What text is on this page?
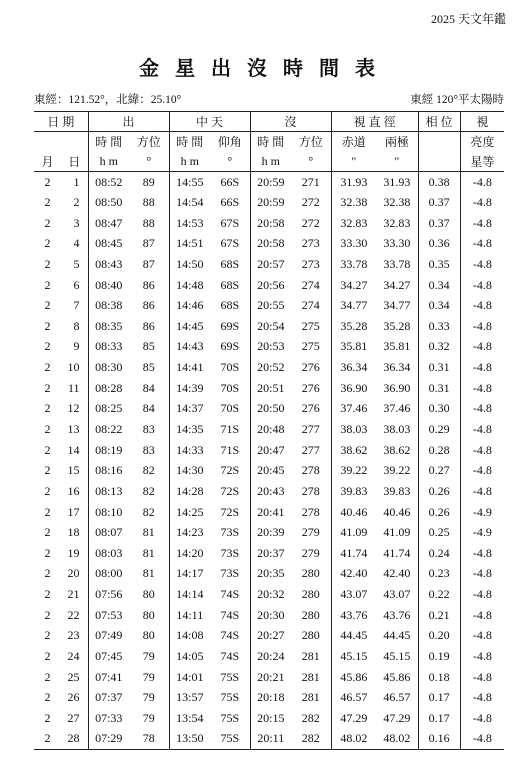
2025 天文年鑑
金星出沒時間表
東經：121.52°，北緯：25.10°	東經 120°平太陽時
日 期		出		中 天		沒		視 直 徑		相 位	視
		時 間	方位	時 間	仰角	時 間	方位	赤道	兩極		亮度
月	日	h m	°	h m	°	h m	°	"	"		星等
2	1	08:52	89	14:55	66S	20:59	271	31.93	31.93	0.38	-4.8
2	2	08:50	88	14:54	66S	20:59	272	32.38	32.38	0.37	-4.8
2	3	08:47	88	14:53	67S	20:58	272	32.83	32.83	0.37	-4.8
2	4	08:45	87	14:51	67S	20:58	273	33.30	33.30	0.36	-4.8
2	5	08:43	87	14:50	68S	20:57	273	33.78	33.78	0.35	-4.8
2	6	08:40	86	14:48	68S	20:56	274	34.27	34.27	0.34	-4.8
2	7	08:38	86	14:46	68S	20:55	274	34.77	34.77	0.34	-4.8
2	8	08:35	86	14:45	69S	20:54	275	35.28	35.28	0.33	-4.8
2	9	08:33	85	14:43	69S	20:53	275	35.81	35.81	0.32	-4.8
2	10	08:30	85	14:41	70S	20:52	276	36.34	36.34	0.31	-4.8
2	11	08:28	84	14:39	70S	20:51	276	36.90	36.90	0.31	-4.8
2	12	08:25	84	14:37	70S	20:50	276	37.46	37.46	0.30	-4.8
2	13	08:22	83	14:35	71S	20:48	277	38.03	38.03	0.29	-4.8
2	14	08:19	83	14:33	71S	20:47	277	38.62	38.62	0.28	-4.8
2	15	08:16	82	14:30	72S	20:45	278	39.22	39.22	0.27	-4.8
2	16	08:13	82	14:28	72S	20:43	278	39.83	39.83	0.26	-4.8
2	17	08:10	82	14:25	72S	20:41	278	40.46	40.46	0.26	-4.9
2	18	08:07	81	14:23	73S	20:39	279	41.09	41.09	0.25	-4.9
2	19	08:03	81	14:20	73S	20:37	279	41.74	41.74	0.24	-4.8
2	20	08:00	81	14:17	73S	20:35	280	42.40	42.40	0.23	-4.8
2	21	07:56	80	14:14	74S	20:32	280	43.07	43.07	0.22	-4.8
2	22	07:53	80	14:11	74S	20:30	280	43.76	43.76	0.21	-4.8
2	23	07:49	80	14:08	74S	20:27	280	44.45	44.45	0.20	-4.8
2	24	07:45	79	14:05	74S	20:24	281	45.15	45.15	0.19	-4.8
2	25	07:41	79	14:01	75S	20:21	281	45.86	45.86	0.18	-4.8
2	26	07:37	79	13:57	75S	20:18	281	46.57	46.57	0.17	-4.8
2	27	07:33	79	13:54	75S	20:15	282	47.29	47.29	0.17	-4.8
2	28	07:29	78	13:50	75S	20:11	282	48.02	48.02	0.16	-4.8
